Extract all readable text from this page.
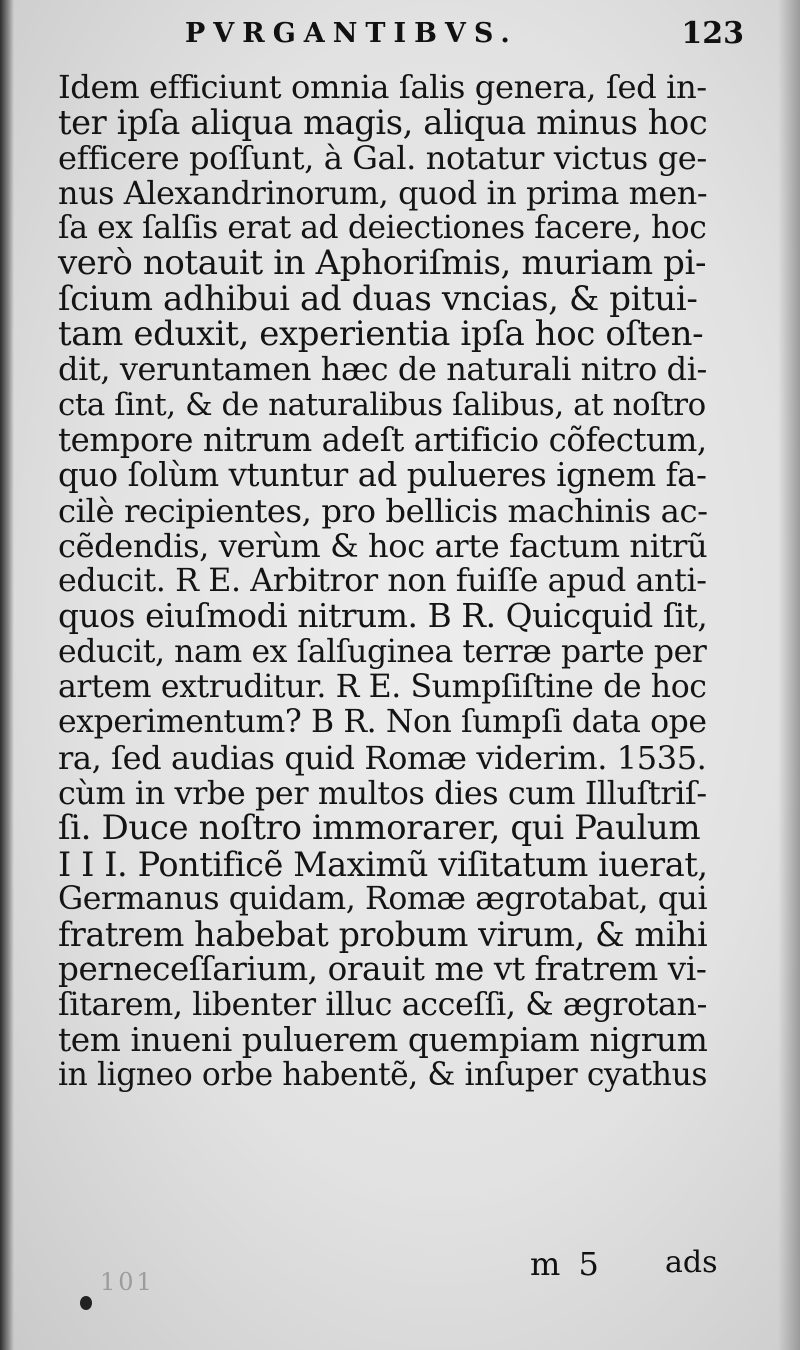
PVRGANTIBVS.	123
Idem efficiunt omnia ſalis genera, ſed in-
ter ipſa aliqua magis, aliqua minus hoc
efficere poſſunt, à Gal. notatur victus ge-
nus Alexandrinorum, quod in prima men-
ſa ex ſalſis erat ad deiectiones facere, hoc
verò notauit in Aphoriſmis, muriam pi-
ſcium adhibui ad duas vncias, & pitui-
tam eduxit, experientia ipſa hoc oſten-
dit, veruntamen hæc de naturali nitro di-
cta ſint, & de naturalibus ſalibus, at noſtro
tempore nitrum adeſt artificio cõfectum,
quo ſolùm vtuntur ad pulueres ignem fa-
cilè recipientes, pro bellicis machinis ac-
cẽdendis, verùm & hoc arte factum nitrũ
educit. R E. Arbitror non fuiſſe apud anti-
quos eiuſmodi nitrum. B R. Quicquid ſit,
educit, nam ex ſalſuginea terræ parte per
artem extruditur. R E. Sumpſiſtine de hoc
experimentum? B R. Non ſumpſi data ope
ra, ſed audias quid Romæ viderim. 1535.
cùm in vrbe per multos dies cum Illuſtriſ-
ſi. Duce noſtro immorarer, qui Paulum
I I I. Pontificẽ Maximũ viſitatum iuerat,
Germanus quidam, Romæ ægrotabat, qui
fratrem habebat probum virum, & mihi
perneceſſarium, orauit me vt fratrem vi-
ſitarem, libenter illuc acceſſi, & ægrotan-
tem inueni puluerem quempiam nigrum
in ligneo orbe habentẽ, & inſuper cyathus
101	m 5 ads
